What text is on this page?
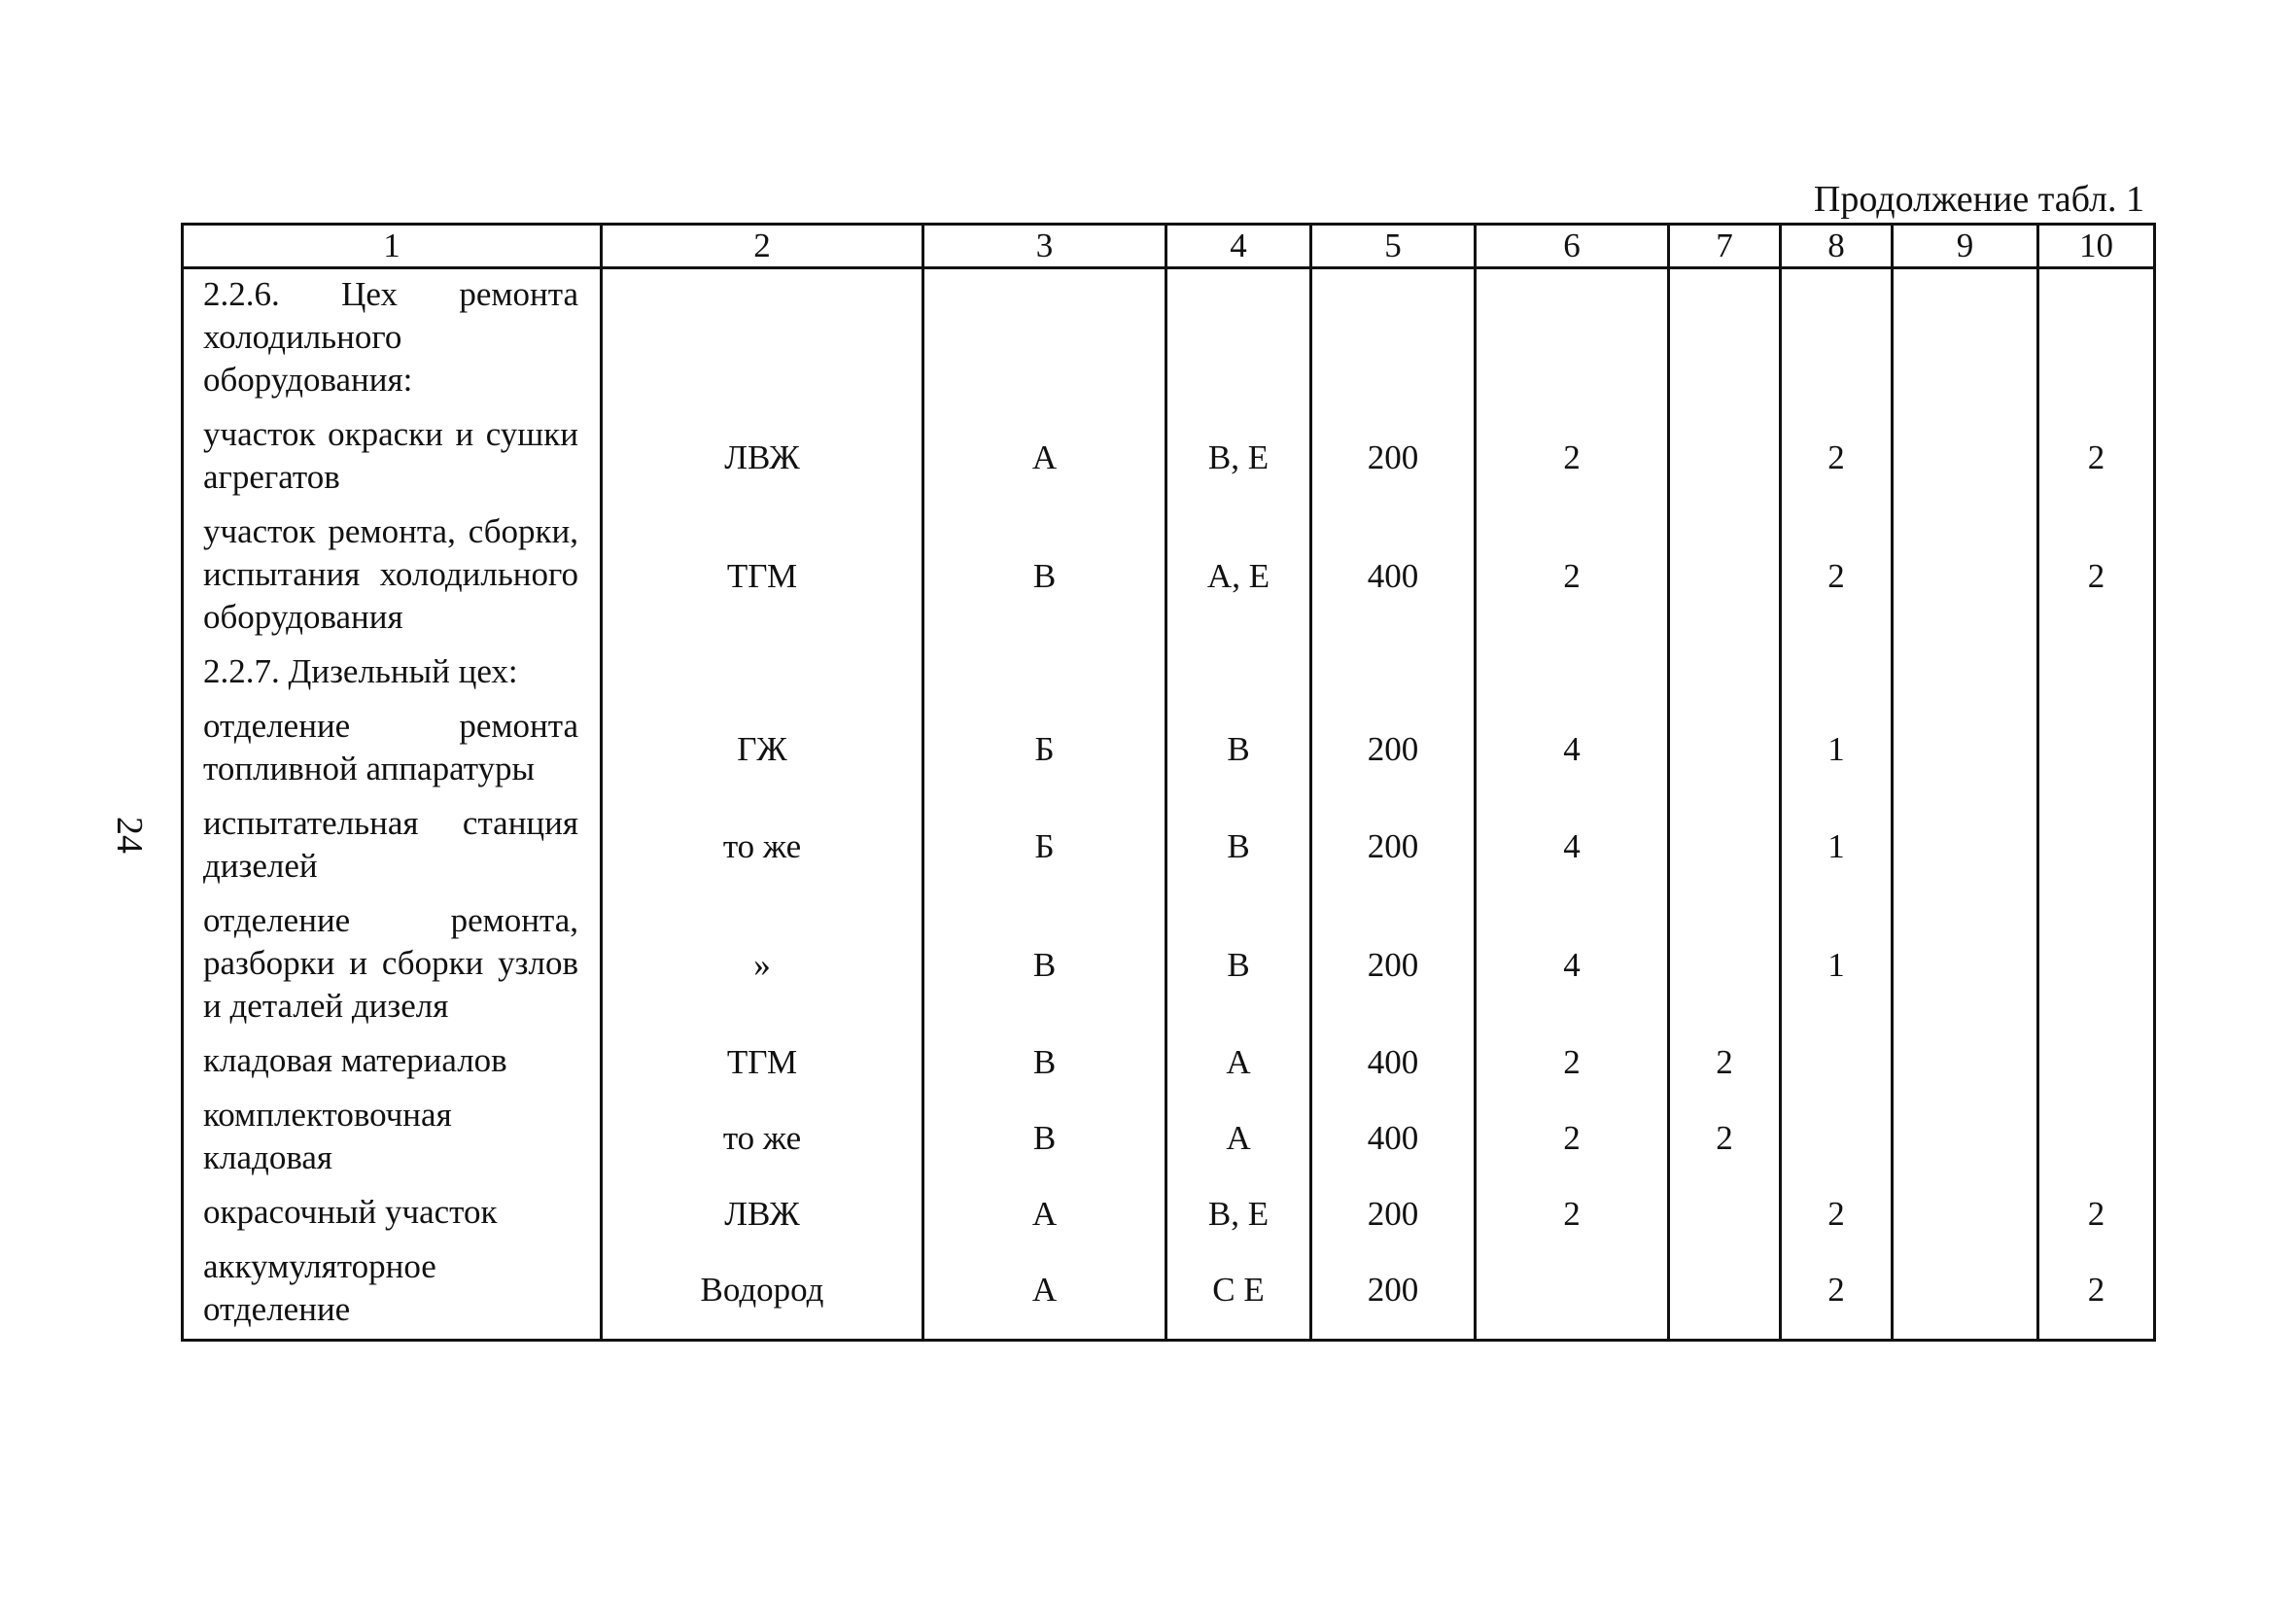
24
Продолжение табл. 1
1	2	3	4	5	6	7	8	9	10
2.2.6. Цех ремонта холодильного оборудования:									
участок окраски и сушки агрегатов	ЛВЖ	А	В, Е	200	2		2		2
участок ремонта, сборки, испытания холодильного оборудования	ТГМ	В	А, Е	400	2		2		2
2.2.7. Дизельный цех:									
отделение ремонта топливной аппаратуры	ГЖ	Б	В	200	4		1		
испытательная станция дизелей	то же	Б	В	200	4		1		
отделение ремонта, разборки и сборки узлов и деталей дизеля	»	В	В	200	4		1		
кладовая материалов	ТГМ	В	А	400	2	2			
комплектовочная кладовая	то же	В	А	400	2	2			
окрасочный участок	ЛВЖ	А	В, Е	200	2		2		2
аккумуляторное отделение	Водород	А	С Е	200			2		2
